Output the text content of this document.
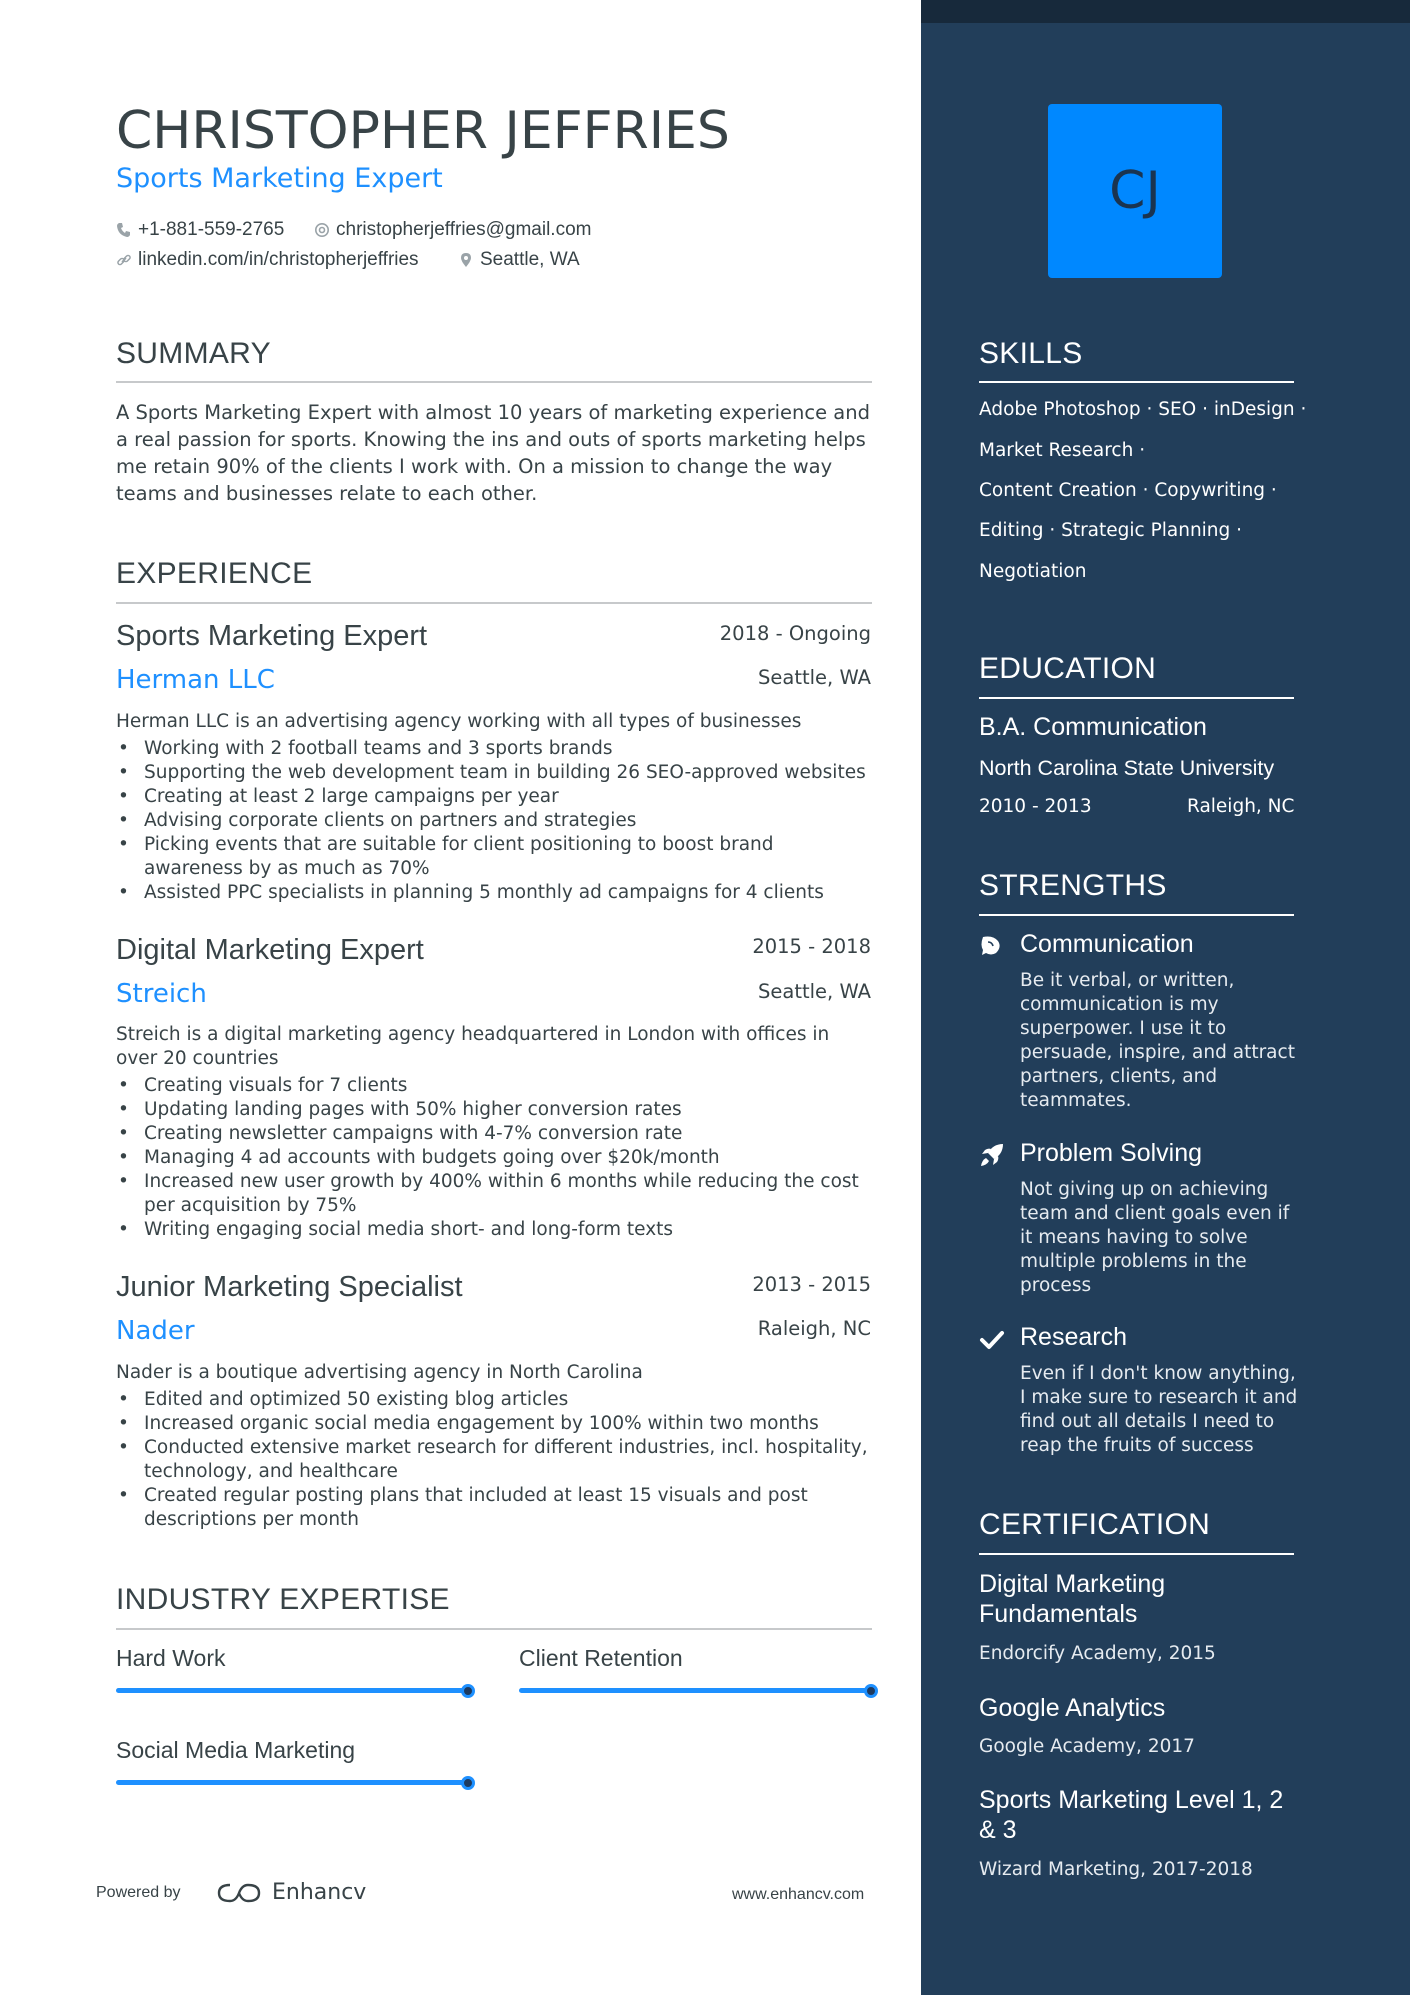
CHRISTOPHER JEFFRIES
Sports Marketing Expert
+1-881-559-2765	christopherjeffries@gmail.com
linkedin.com/in/christopherjeffries	Seattle, WA
SUMMARY
A Sports Marketing Expert with almost 10 years of marketing experience and a real passion for sports. Knowing the ins and outs of sports marketing helps me retain 90% of the clients I work with. On a mission to change the way teams and businesses relate to each other.
EXPERIENCE
Sports Marketing Expert	2018 - Ongoing
Herman LLC	Seattle, WA
Herman LLC is an advertising agency working with all types of businesses
• Working with 2 football teams and 3 sports brands
• Supporting the web development team in building 26 SEO-approved websites
• Creating at least 2 large campaigns per year
• Advising corporate clients on partners and strategies
• Picking events that are suitable for client positioning to boost brand awareness by as much as 70%
• Assisted PPC specialists in planning 5 monthly ad campaigns for 4 clients
Digital Marketing Expert	2015 - 2018
Streich	Seattle, WA
Streich is a digital marketing agency headquartered in London with offices in over 20 countries
• Creating visuals for 7 clients
• Updating landing pages with 50% higher conversion rates
• Creating newsletter campaigns with 4-7% conversion rate
• Managing 4 ad accounts with budgets going over $20k/month
• Increased new user growth by 400% within 6 months while reducing the cost per acquisition by 75%
• Writing engaging social media short- and long-form texts
Junior Marketing Specialist	2013 - 2015
Nader	Raleigh, NC
Nader is a boutique advertising agency in North Carolina
• Edited and optimized 50 existing blog articles
• Increased organic social media engagement by 100% within two months
• Conducted extensive market research for different industries, incl. hospitality, technology, and healthcare
• Created regular posting plans that included at least 15 visuals and post descriptions per month
INDUSTRY EXPERTISE
Hard Work	Client Retention
Social Media Marketing
Powered by	Enhancv	www.enhancv.com
CJ
SKILLS
Adobe Photoshop · SEO · inDesign ·
Market Research ·
Content Creation · Copywriting ·
Editing · Strategic Planning ·
Negotiation
EDUCATION
B.A. Communication
North Carolina State University
2010 - 2013	Raleigh, NC
STRENGTHS
Communication
Be it verbal, or written, communication is my superpower. I use it to persuade, inspire, and attract partners, clients, and teammates.
Problem Solving
Not giving up on achieving team and client goals even if it means having to solve multiple problems in the process
Research
Even if I don't know anything, I make sure to research it and find out all details I need to reap the fruits of success
CERTIFICATION
Digital Marketing Fundamentals
Endorcify Academy, 2015
Google Analytics
Google Academy, 2017
Sports Marketing Level 1, 2 & 3
Wizard Marketing, 2017-2018
